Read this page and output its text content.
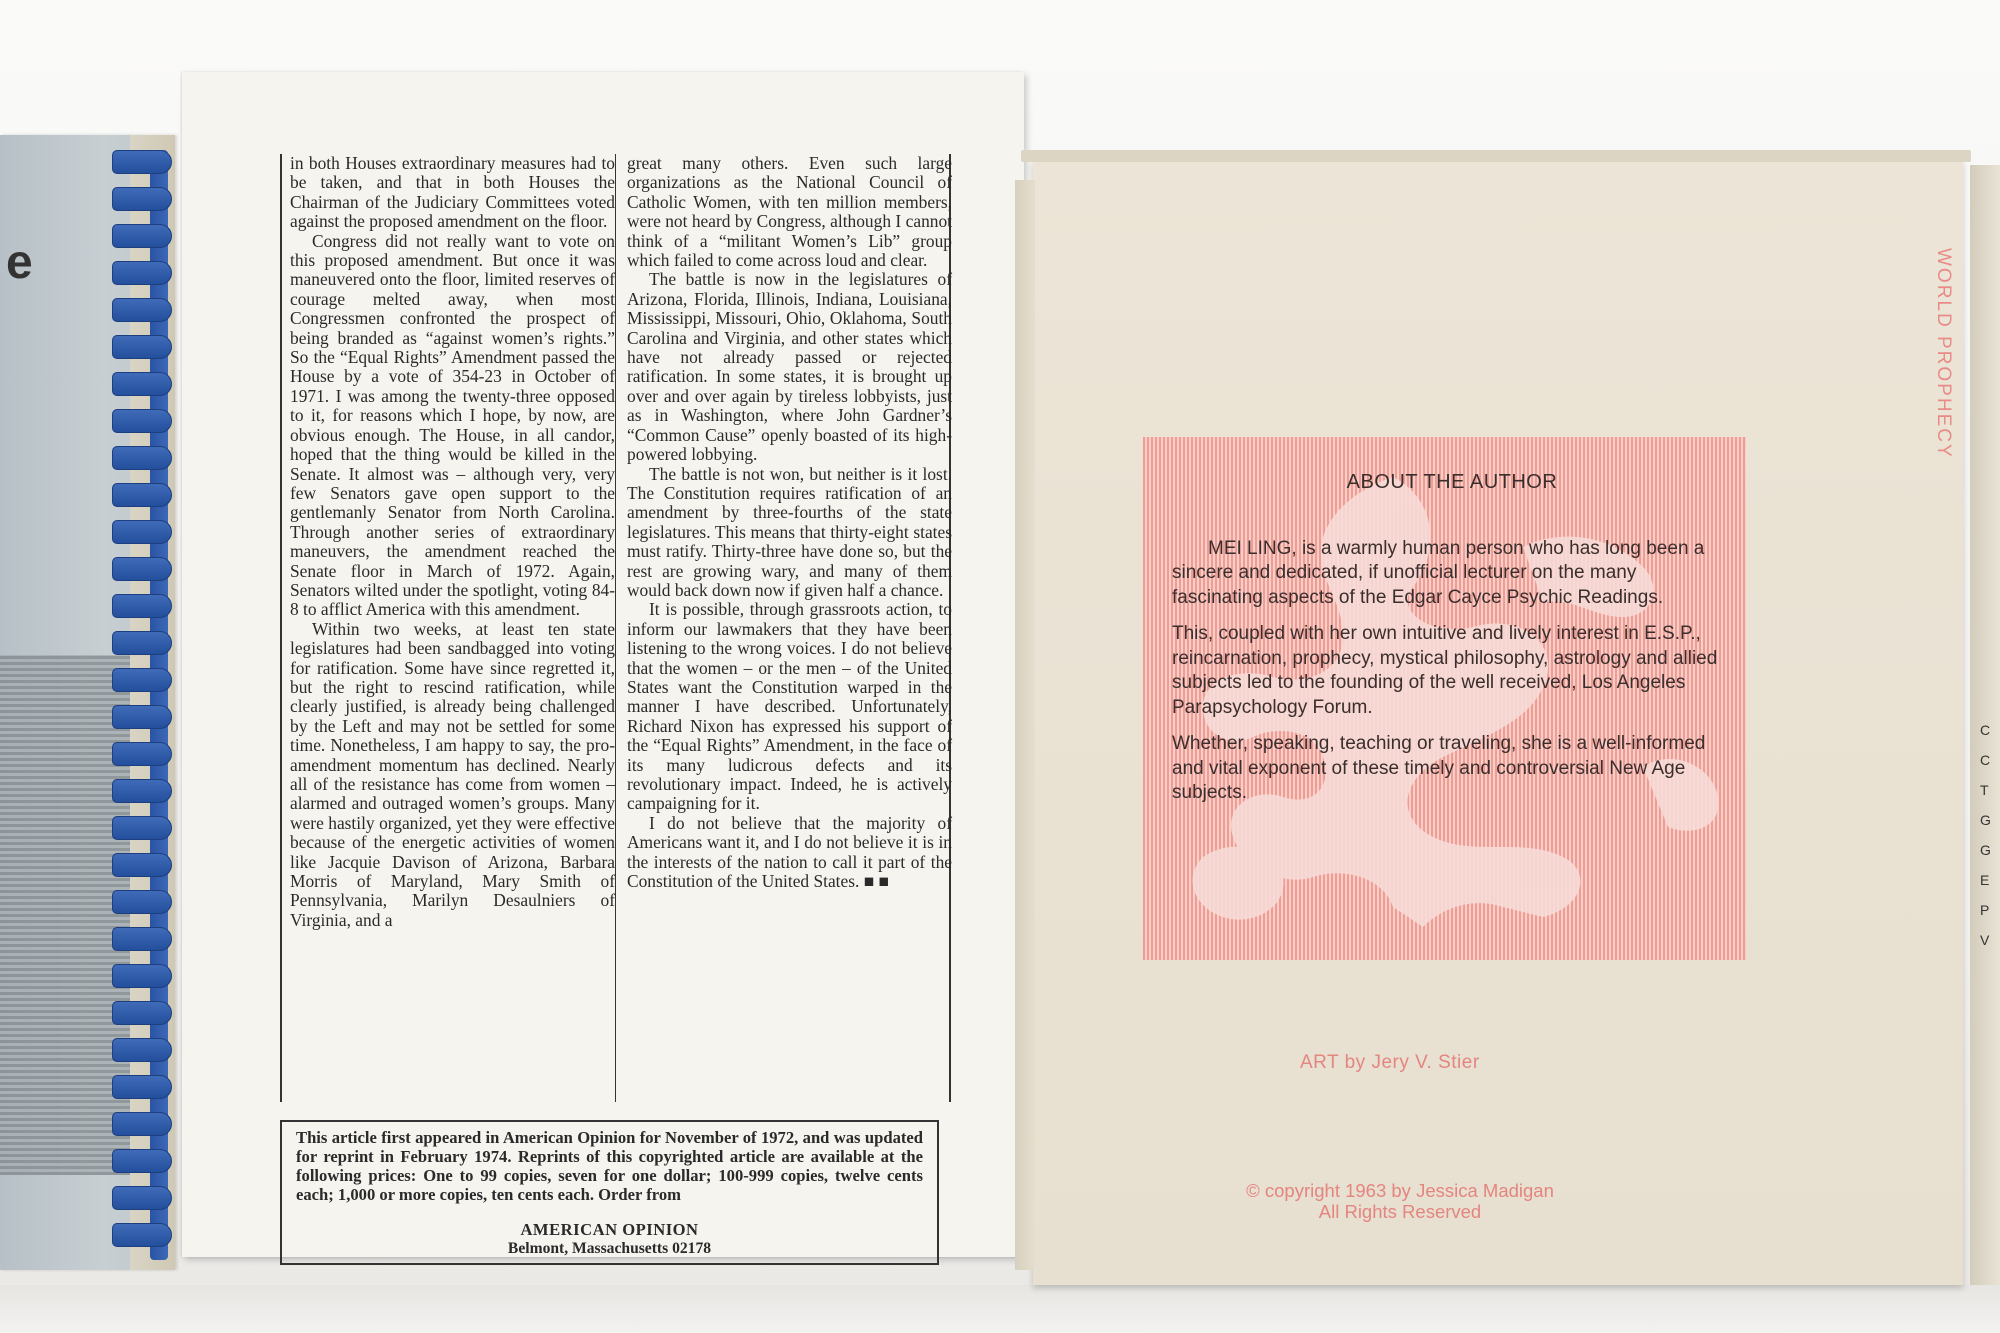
e

in both Houses extraordinary measures had to be taken, and that in both Houses the Chairman of the Judiciary Committees voted against the proposed amendment on the floor.

Congress did not really want to vote on this proposed amendment. But once it was maneuvered onto the floor, limited reserves of courage melted away, when most Congressmen confronted the prospect of being branded as “against women’s rights.” So the “Equal Rights” Amendment passed the House by a vote of 354-23 in October of 1971. I was among the twenty-three opposed to it, for reasons which I hope, by now, are obvious enough. The House, in all candor, hoped that the thing would be killed in the Senate. It almost was – although very, very few Senators gave open support to the gentlemanly Senator from North Carolina. Through another series of extraordinary maneuvers, the amendment reached the Senate floor in March of 1972. Again, Senators wilted under the spotlight, voting 84-8 to afflict America with this amendment.

Within two weeks, at least ten state legislatures had been sandbagged into voting for ratification. Some have since regretted it, but the right to rescind ratification, while clearly justified, is already being challenged by the Left and may not be settled for some time. Nonetheless, I am happy to say, the pro-amendment momentum has declined. Nearly all of the resistance has come from women – alarmed and outraged women’s groups. Many were hastily organized, yet they were effective because of the energetic activities of women like Jacquie Davison of Arizona, Barbara Morris of Maryland, Mary Smith of Pennsylvania, Marilyn Desaulniers of Virginia, and a

great many others. Even such large organizations as the National Council of Catholic Women, with ten million members, were not heard by Congress, although I cannot think of a “militant Women’s Lib” group which failed to come across loud and clear.

The battle is now in the legislatures of Arizona, Florida, Illinois, Indiana, Louisiana, Mississippi, Missouri, Ohio, Oklahoma, South Carolina and Virginia, and other states which have not already passed or rejected ratification. In some states, it is brought up over and over again by tireless lobbyists, just as in Washington, where John Gardner’s “Common Cause” openly boasted of its high-powered lobbying.

The battle is not won, but neither is it lost. The Constitution requires ratification of an amendment by three-fourths of the state legislatures. This means that thirty-eight states must ratify. Thirty-three have done so, but the rest are growing wary, and many of them would back down now if given half a chance.

It is possible, through grassroots action, to inform our lawmakers that they have been listening to the wrong voices. I do not believe that the women – or the men – of the United States want the Constitution warped in the manner I have described. Unfortunately, Richard Nixon has expressed his support of the “Equal Rights” Amendment, in the face of its many ludicrous defects and its revolutionary impact. Indeed, he is actively campaigning for it.

I do not believe that the majority of Americans want it, and I do not believe it is in the interests of the nation to call it part of the Constitution of the United States. ■ ■

This article first appeared in American Opinion for November of 1972, and was updated for reprint in February 1974. Reprints of this copyrighted article are available at the following prices: One to 99 copies, seven for one dollar; 100-999 copies, twelve cents each; 1,000 or more copies, ten cents each. Order from
AMERICAN OPINION
Belmont, Massachusetts 02178
WORLD PROPHECY
ABOUT THE AUTHOR

MEI LING, is a warmly human person who has long been a sincere and dedicated, if unofficial lecturer on the many fascinating aspects of the Edgar Cayce Psychic Readings.

This, coupled with her own intuitive and lively interest in E.S.P., reincarnation, prophecy, mystical philosophy, astrology and allied subjects led to the founding of the well received, Los Angeles Parapsychology Forum.

Whether, speaking, teaching or traveling, she is a well-informed and vital exponent of these timely and controversial New Age subjects.

ART by Jery V. Stier
© copyright 1963 by Jessica Madigan
All Rights Reserved
C
C
T
G
G
E
P
V
